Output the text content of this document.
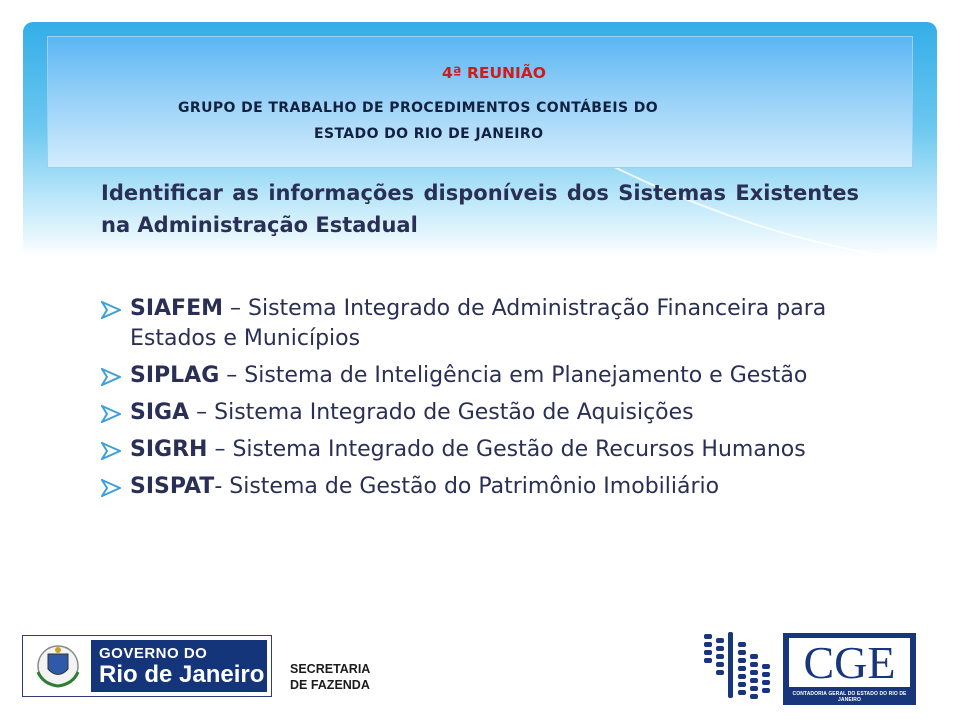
4ª REUNIÃO
GRUPO DE TRABALHO DE PROCEDIMENTOS CONTÁBEIS DO
ESTADO DO RIO DE JANEIRO
Identificar as informações disponíveis dos Sistemas Existentes na Administração Estadual
SIAFEM – Sistema Integrado de Administração Financeira para Estados e Municípios
SIPLAG – Sistema de Inteligência em Planejamento e Gestão
SIGA – Sistema Integrado de Gestão de Aquisições
SIGRH – Sistema Integrado de Gestão de Recursos Humanos
SISPAT- Sistema de Gestão do Patrimônio Imobiliário
GOVERNO DO
Rio de Janeiro SECRETARIA
DE FAZENDA	CGE
CONTADORIA GERAL DO ESTADO DO RIO DE JANEIRO
